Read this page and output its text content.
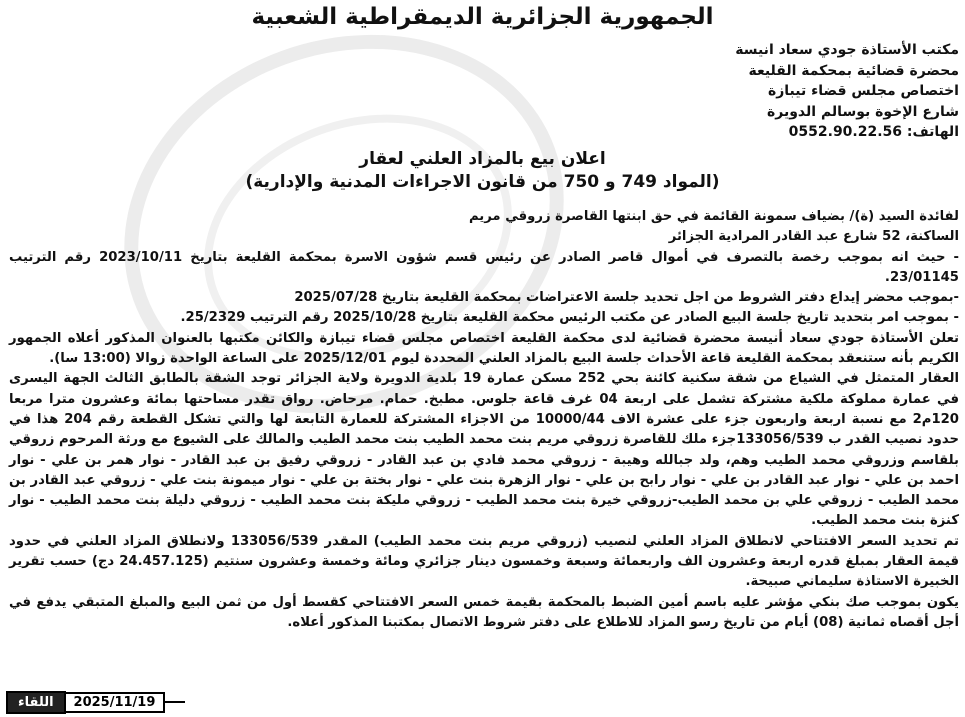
الجمهورية الجزائرية الديمقراطية الشعبية
مكتب الأستاذة جودي سعاد انيسة
محضرة قضائية بمحكمة القليعة
اختصاص مجلس قضاء تيبازة
شارع الإخوة بوسالم الدويرة
الهاتف: 0552.90.22.56
اعلان بيع بالمزاد العلني لعقار
(المواد 749 و 750 من قانون الاجراءات المدنية والإدارية)

لفائدة السيد (ة)/ بضياف سمونة القائمة في حق ابنتها القاصرة زروقي مريم

الساكنة، 52 شارع عبد القادر المرادية الجزائر

- حيث انه بموجب رخصة بالتصرف في أموال قاصر الصادر عن رئيس قسم شؤون الاسرة بمحكمة القليعة بتاريخ 2023/10/11 رقم الترتيب 23/01145.

-بموجب محضر إيداع دفتر الشروط من اجل تحديد جلسة الاعتراضات بمحكمة القليعة بتاريخ 2025/07/28

- بموجب امر بتحديد تاريخ جلسة البيع الصادر عن مكتب الرئيس محكمة القليعة بتاريخ 2025/10/28 رقم الترتيب 25/2329.

تعلن الأستاذة جودي سعاد أنيسة محضرة قضائية لدى محكمة القليعة اختصاص مجلس قضاء تيبازة والكائن مكتبها بالعنوان المذكور أعلاه الجمهور الكريم بأنه ستنعقد بمحكمة القليعة قاعة الأحداث جلسة البيع بالمزاد العلني المحددة ليوم 2025/12/01 على الساعة الواحدة زوالا (13:00 سا).

العقار المتمثل في الشياع من شقة سكنية كائنة بحي 252 مسكن عمارة 19 بلدية الدويرة ولاية الجزائر توجد الشقة بالطابق الثالث الجهة اليسرى في عمارة مملوكة ملكية مشتركة تشمل على اربعة 04 غرف قاعة جلوس. مطبخ. حمام. مرحاض. رواق تقدر مساحتها بمائة وعشرون مترا مربعا 120م2 مع نسبة اربعة واربعون جزء على عشرة الاف 10000/44 من الاجزاء المشتركة للعمارة التابعة لها والتي تشكل القطعة رقم 204 هذا في حدود نصيب القدر ب 133056/539جزء ملك للقاصرة زروقي مريم بنت محمد الطيب بنت محمد الطيب والمالك على الشيوع مع ورثة المرحوم زروقي بلقاسم وزروقي محمد الطيب وهم، ولد جبالله وهيبة - زروقي محمد فادي بن عبد القادر - زروقي رفيق بن عبد القادر - نوار همر بن علي - نوار احمد بن علي - نوار عبد القادر بن علي - نوار رابح بن علي - نوار الزهرة بنت علي - نوار بختة بن علي - نوار ميمونة بنت علي - زروقي عبد القادر بن محمد الطيب - زروقي علي بن محمد الطيب-زروقي خيرة بنت محمد الطيب - زروقي مليكة بنت محمد الطيب - زروقي دليلة بنت محمد الطيب - نوار كنزة بنت محمد الطيب.

تم تحديد السعر الافتتاحي لانطلاق المزاد العلني لنصيب (زروقي مريم بنت محمد الطيب) المقدر 133056/539 ولانطلاق المزاد العلني في حدود قيمة العقار بمبلغ قدره اربعة وعشرون الف واربعمائة وسبعة وخمسون دينار جزائري ومائة وخمسة وعشرون سنتيم (24.457.125 دج) حسب تقرير الخبيرة الاستاذة سليماني صبيحة.

يكون بموجب صك بنكي مؤشر عليه باسم أمين الضبط بالمحكمة بقيمة خمس السعر الافتتاحي كقسط أول من ثمن البيع والمبلغ المتبقي يدفع في أجل أقصاه ثمانية (08) أيام من تاريخ رسو المزاد للاطلاع على دفتر شروط الاتصال بمكتبنا المذكور أعلاه.

اللقاء	2025/11/19
